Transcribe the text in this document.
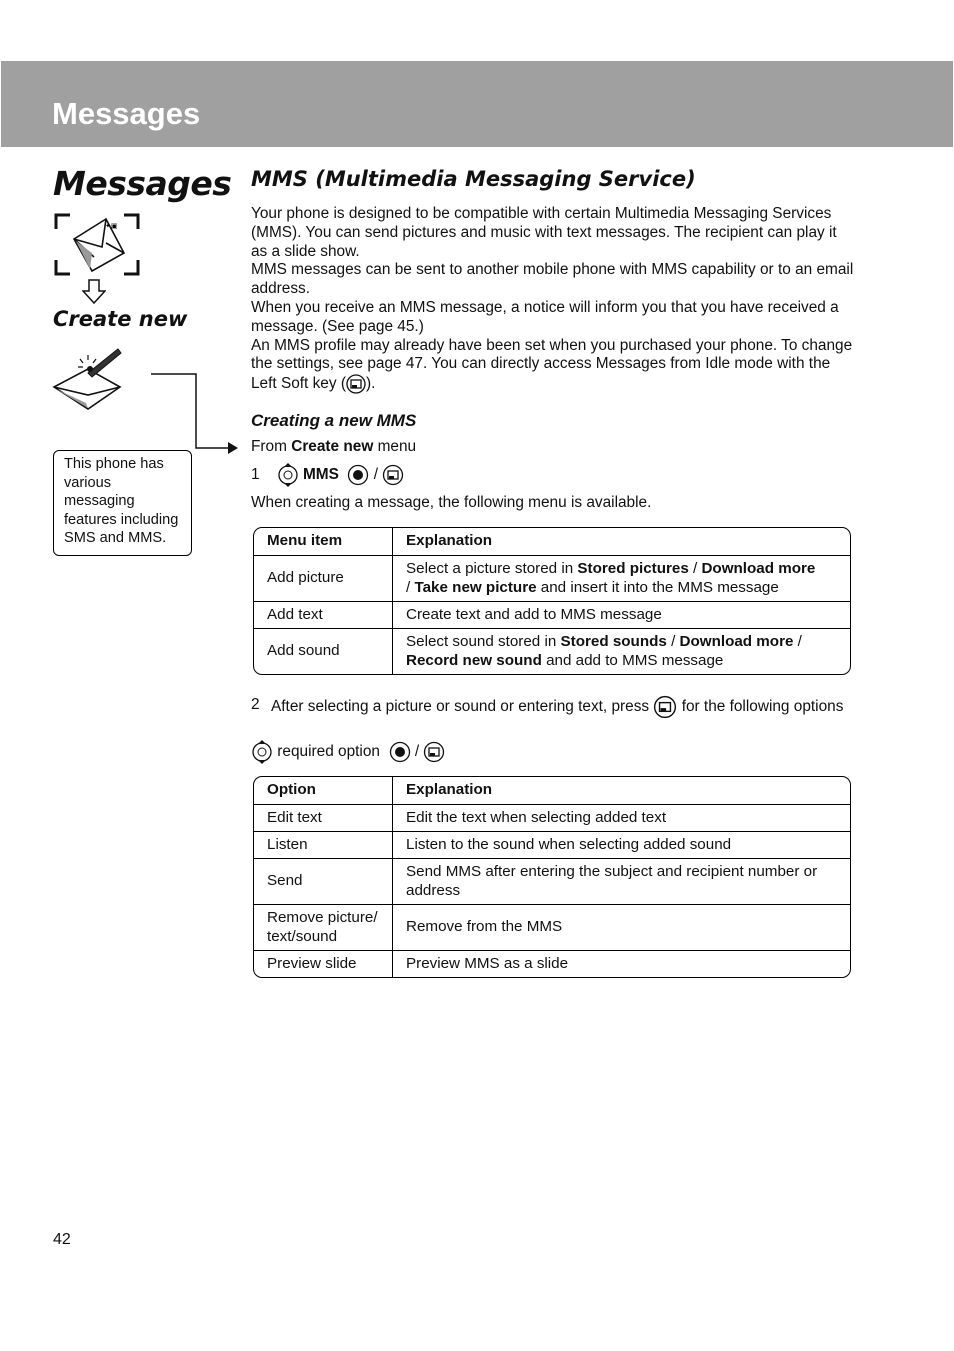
Messages
Messages
✦▣
Create new
This phone has various messaging features including SMS and MMS.
MMS (Multimedia Messaging Service)

Your phone is designed to be compatible with certain Multimedia Messaging Services (MMS). You can send pictures and music with text messages. The recipient can play it as a slide show.

MMS messages can be sent to another mobile phone with MMS capability or to an email address.

When you receive an MMS message, a notice will inform you that you have received a message. (See page 45.)

An MMS profile may already have been set when you purchased your phone. To change the settings, see page 47. You can directly access Messages from Idle mode with the Left Soft key ( ).

Creating a new MMS
From Create new menu
1	MMS /
When creating a message, the following menu is available.
Menu item	Explanation
Add picture	Select a picture stored in Stored pictures / Download more
/ Take new picture and insert it into the MMS message
Add text	Create text and add to MMS message
Add sound	Select sound stored in Stored sounds / Download more /
Record new sound and add to MMS message
2 After selecting a picture or sound or entering text, press for the following options
required option /
Option	Explanation
Edit text	Edit the text when selecting added text
Listen	Listen to the sound when selecting added sound
Send	Send MMS after entering the subject and recipient number or address
Remove picture/ text/sound	Remove from the MMS
Preview slide	Preview MMS as a slide

42
